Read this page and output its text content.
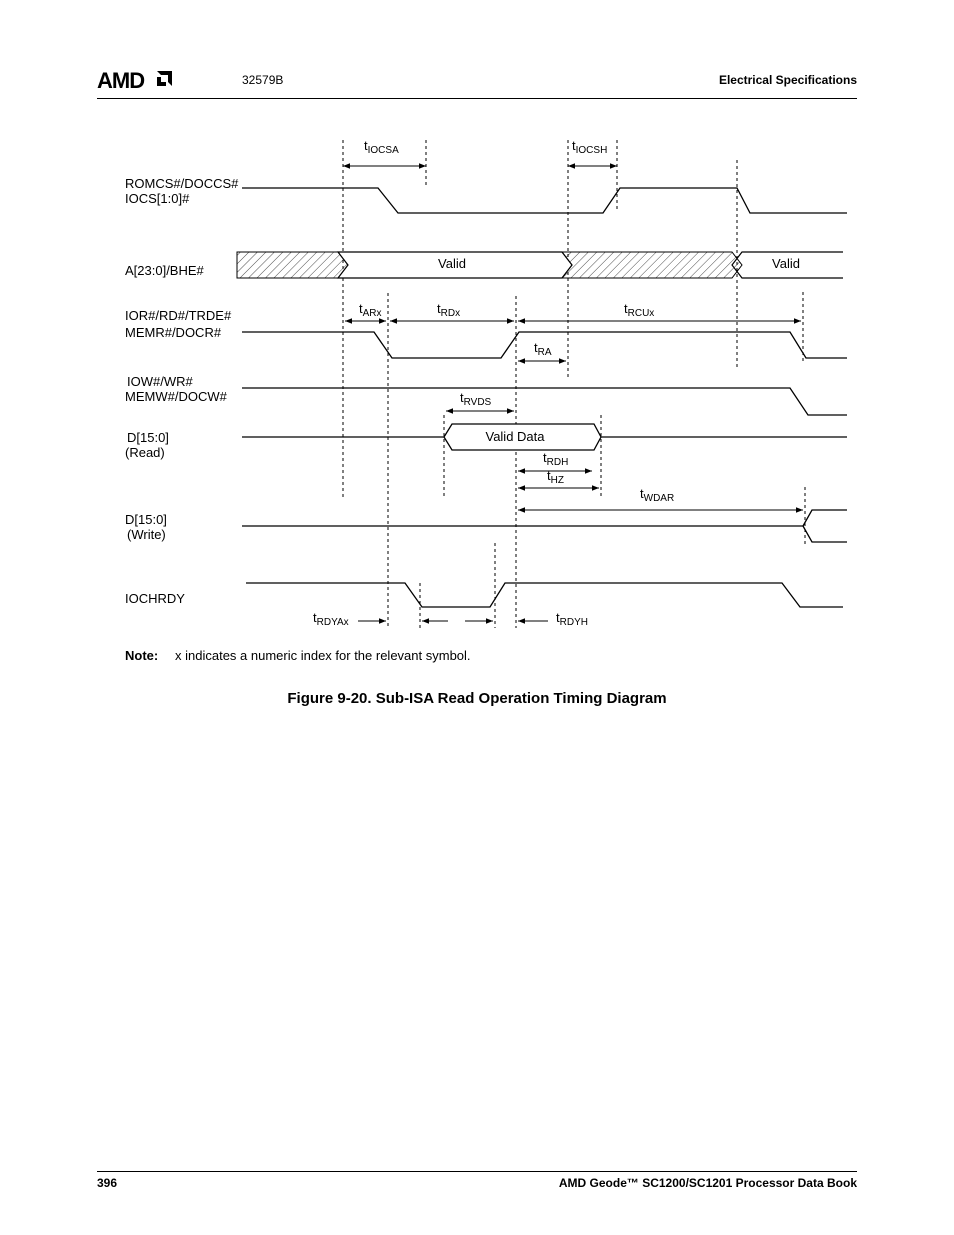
AMD	32579B	Electrical Specifications
ROMCS#/DOCCS# IOCS[1:0]#
A[23:0]/BHE#
IOR#/RD#/TRDE# MEMR#/DOCR#
IOW#/WR# MEMW#/DOCW#
D[15:0] (Read)
D[15:0] (Write)
IOCHRDY
Valid	Valid
Valid Data
$t_{IOCSA}$	$t_{IOCSH}$
$t_{ARx}$	$t_{RDx}$	$t_{RCUx}$
$t_{RA}$
$t_{RVDS}$
$t_{RDH}$
$t_{HZ}$
$t_{WDAR}$
$t_{RDYAx}$	$t_{RDYH}$
Note: x indicates a numeric index for the relevant symbol.
Figure 9-20. Sub-ISA Read Operation Timing Diagram
396	AMD Geode™ SC1200/SC1201 Processor Data Book
